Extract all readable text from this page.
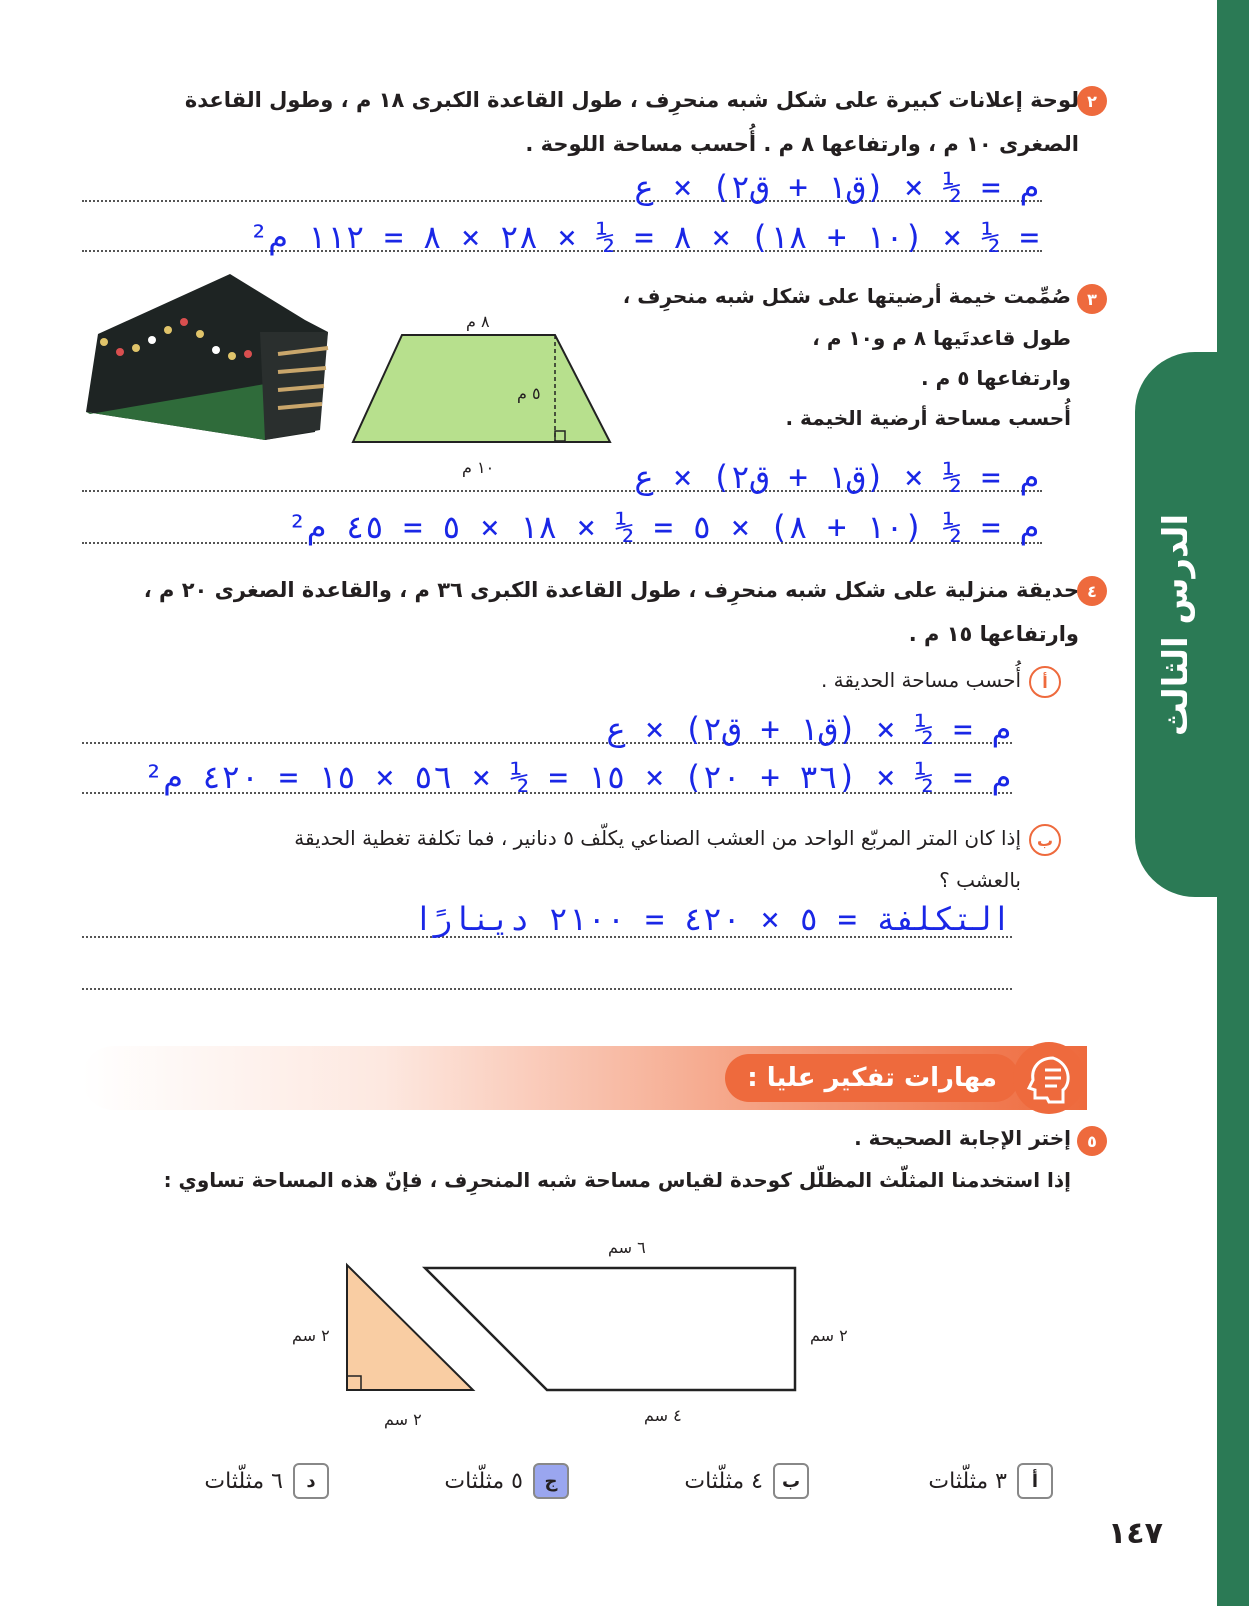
الدرس الثالث
٢
لوحة إعلانات كبيرة على شكل شبه منحرِف ، طول القاعدة الكبرى ١٨ م ، وطول القاعدة
الصغرى ١٠ م ، وارتفاعها ٨ م . أُحسب مساحة اللوحة .
م = ½ × (ق١ + ق٢) × ع
= ½ × (١٠ + ١٨) × ٨ = ½ × ٢٨ × ٨ = ١١٢ م²
٣
صُمِّمت خيمة أرضيتها على شكل شبه منحرِف ،
طول قاعدتَيها ٨ م و١٠ م ،
وارتفاعها ٥ م .
أُحسب مساحة أرضية الخيمة .
٨ م
٥ م
١٠ م	م = ½ × (ق١ + ق٢) × ع
م = ½ (١٠ + ٨) × ٥ = ½ × ١٨ × ٥ = ٤٥ م²
٤
حديقة منزلية على شكل شبه منحرِف ، طول القاعدة الكبرى ٣٦ م ، والقاعدة الصغرى ٢٠ م ،
وارتفاعها ١٥ م .
أ
أُحسب مساحة الحديقة .
م = ½ × (ق١ + ق٢) × ع
م = ½ × (٣٦ + ٢٠) × ١٥ = ½ × ٥٦ × ١٥ = ٤٢٠ م²
ب
إذا كان المتر المربّع الواحد من العشب الصناعي يكلّف ٥ دنانير ، فما تكلفة تغطية الحديقة
بالعشب ؟
التكلفة = ٥ × ٤٢٠ = ٢١٠٠ دينارًا
مهارات تفكير عليا :
٥
إختر الإجابة الصحيحة .
إذا استخدمنا المثلّث المظلّل كوحدة لقياس مساحة شبه المنحرِف ، فإنّ هذه المساحة تساوي :
٢ سم
٢ سم
٦ سم
٢ سم
٤ سم
أ
٣ مثلّثات
ب
٤ مثلّثات
ج
٥ مثلّثات
د
٦ مثلّثات
١٤٧
